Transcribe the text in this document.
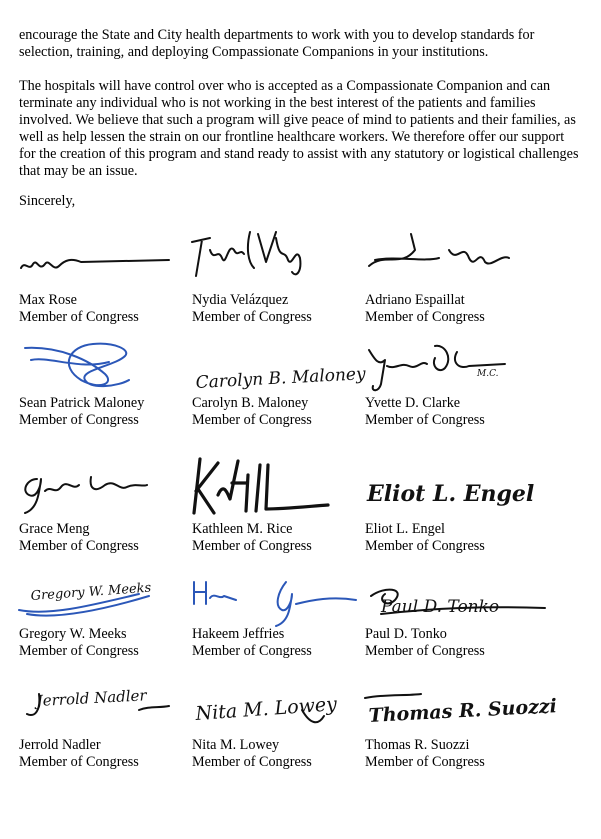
encourage the State and City health departments to work with you to develop standards for selection, training, and deploying Compassionate Companions in your institutions.

The hospitals will have control over who is accepted as a Compassionate Companion and can terminate any individual who is not working in the best interest of the patients and families involved. We believe that such a program will give peace of mind to patients and their families, as well as help lessen the strain on our frontline healthcare workers. We therefore offer our support for the creation of this program and stand ready to assist with any statutory or logistical challenges that may be an issue.

Sincerely,

Max Rose
Member of Congress
Nydia Velázquez
Member of Congress
Adriano Espaillat
Member of Congress
Sean Patrick Maloney
Member of Congress
Carolyn B. Maloney
Carolyn B. Maloney
Member of Congress
M.C.
Yvette D. Clarke
Member of Congress
Grace Meng
Member of Congress
Kathleen M. Rice
Member of Congress
Eliot L. Engel
Eliot L. Engel
Member of Congress
Gregory W. Meeks
Gregory W. Meeks
Member of Congress
Hakeem Jeffries
Member of Congress
Paul D. Tonko
Paul D. Tonko
Member of Congress
Jerrold Nadler
Jerrold Nadler
Member of Congress
Nita M. Lowey
Nita M. Lowey
Member of Congress
Thomas R. Suozzi
Thomas R. Suozzi
Member of Congress
